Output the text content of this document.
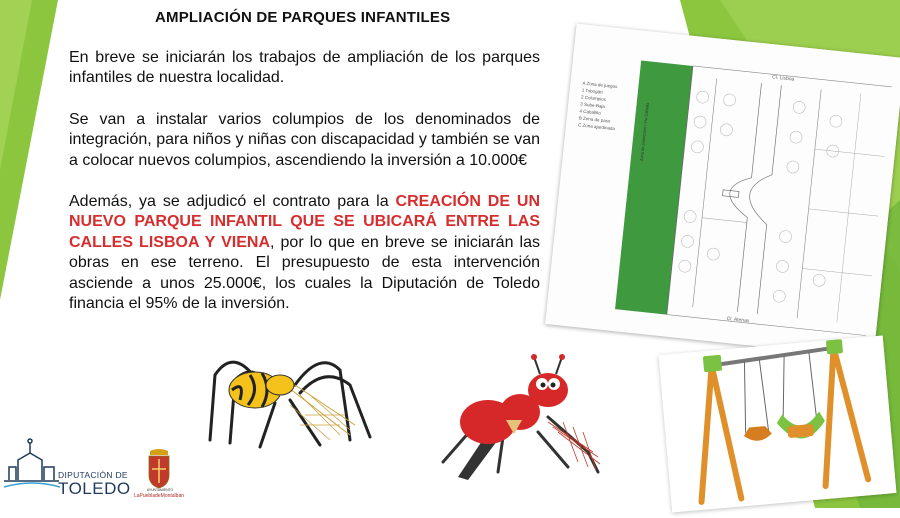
AMPLIACIÓN DE PARQUES INFANTILES

En breve se iniciarán los trabajos de ampliación de los parques infantiles de nuestra localidad.

Se van a instalar varios columpios de los denominados de integración, para niños y niñas con discapacidad y también se van a colocar nuevos columpios, ascendiendo la inversión a 10.000€

Además, ya se adjudicó el contrato para la CREACIÓN DE UN NUEVO PARQUE INFANTIL QUE SE UBICARÁ ENTRE LAS CALLES LISBOA Y VIENA, por lo que en breve se iniciarán las obras en ese terreno. El presupuesto de esta intervención asciende a unos 25.000€, los cuales la Diputación de Toledo financia el 95% de la inversión.

Cl. Lisboa
Cl. Atenas
A Zona de juegos
1 Tobogán
2 Columpios
3 Sube-Baja
4 Caballito
B Zona de paso
C Zona ajardinada	Zona de protección / Vía Cañada
DIPUTACIÓN DE
TOLEDO	AYUNTAMIENTO
LaPuebladeMontalbán
